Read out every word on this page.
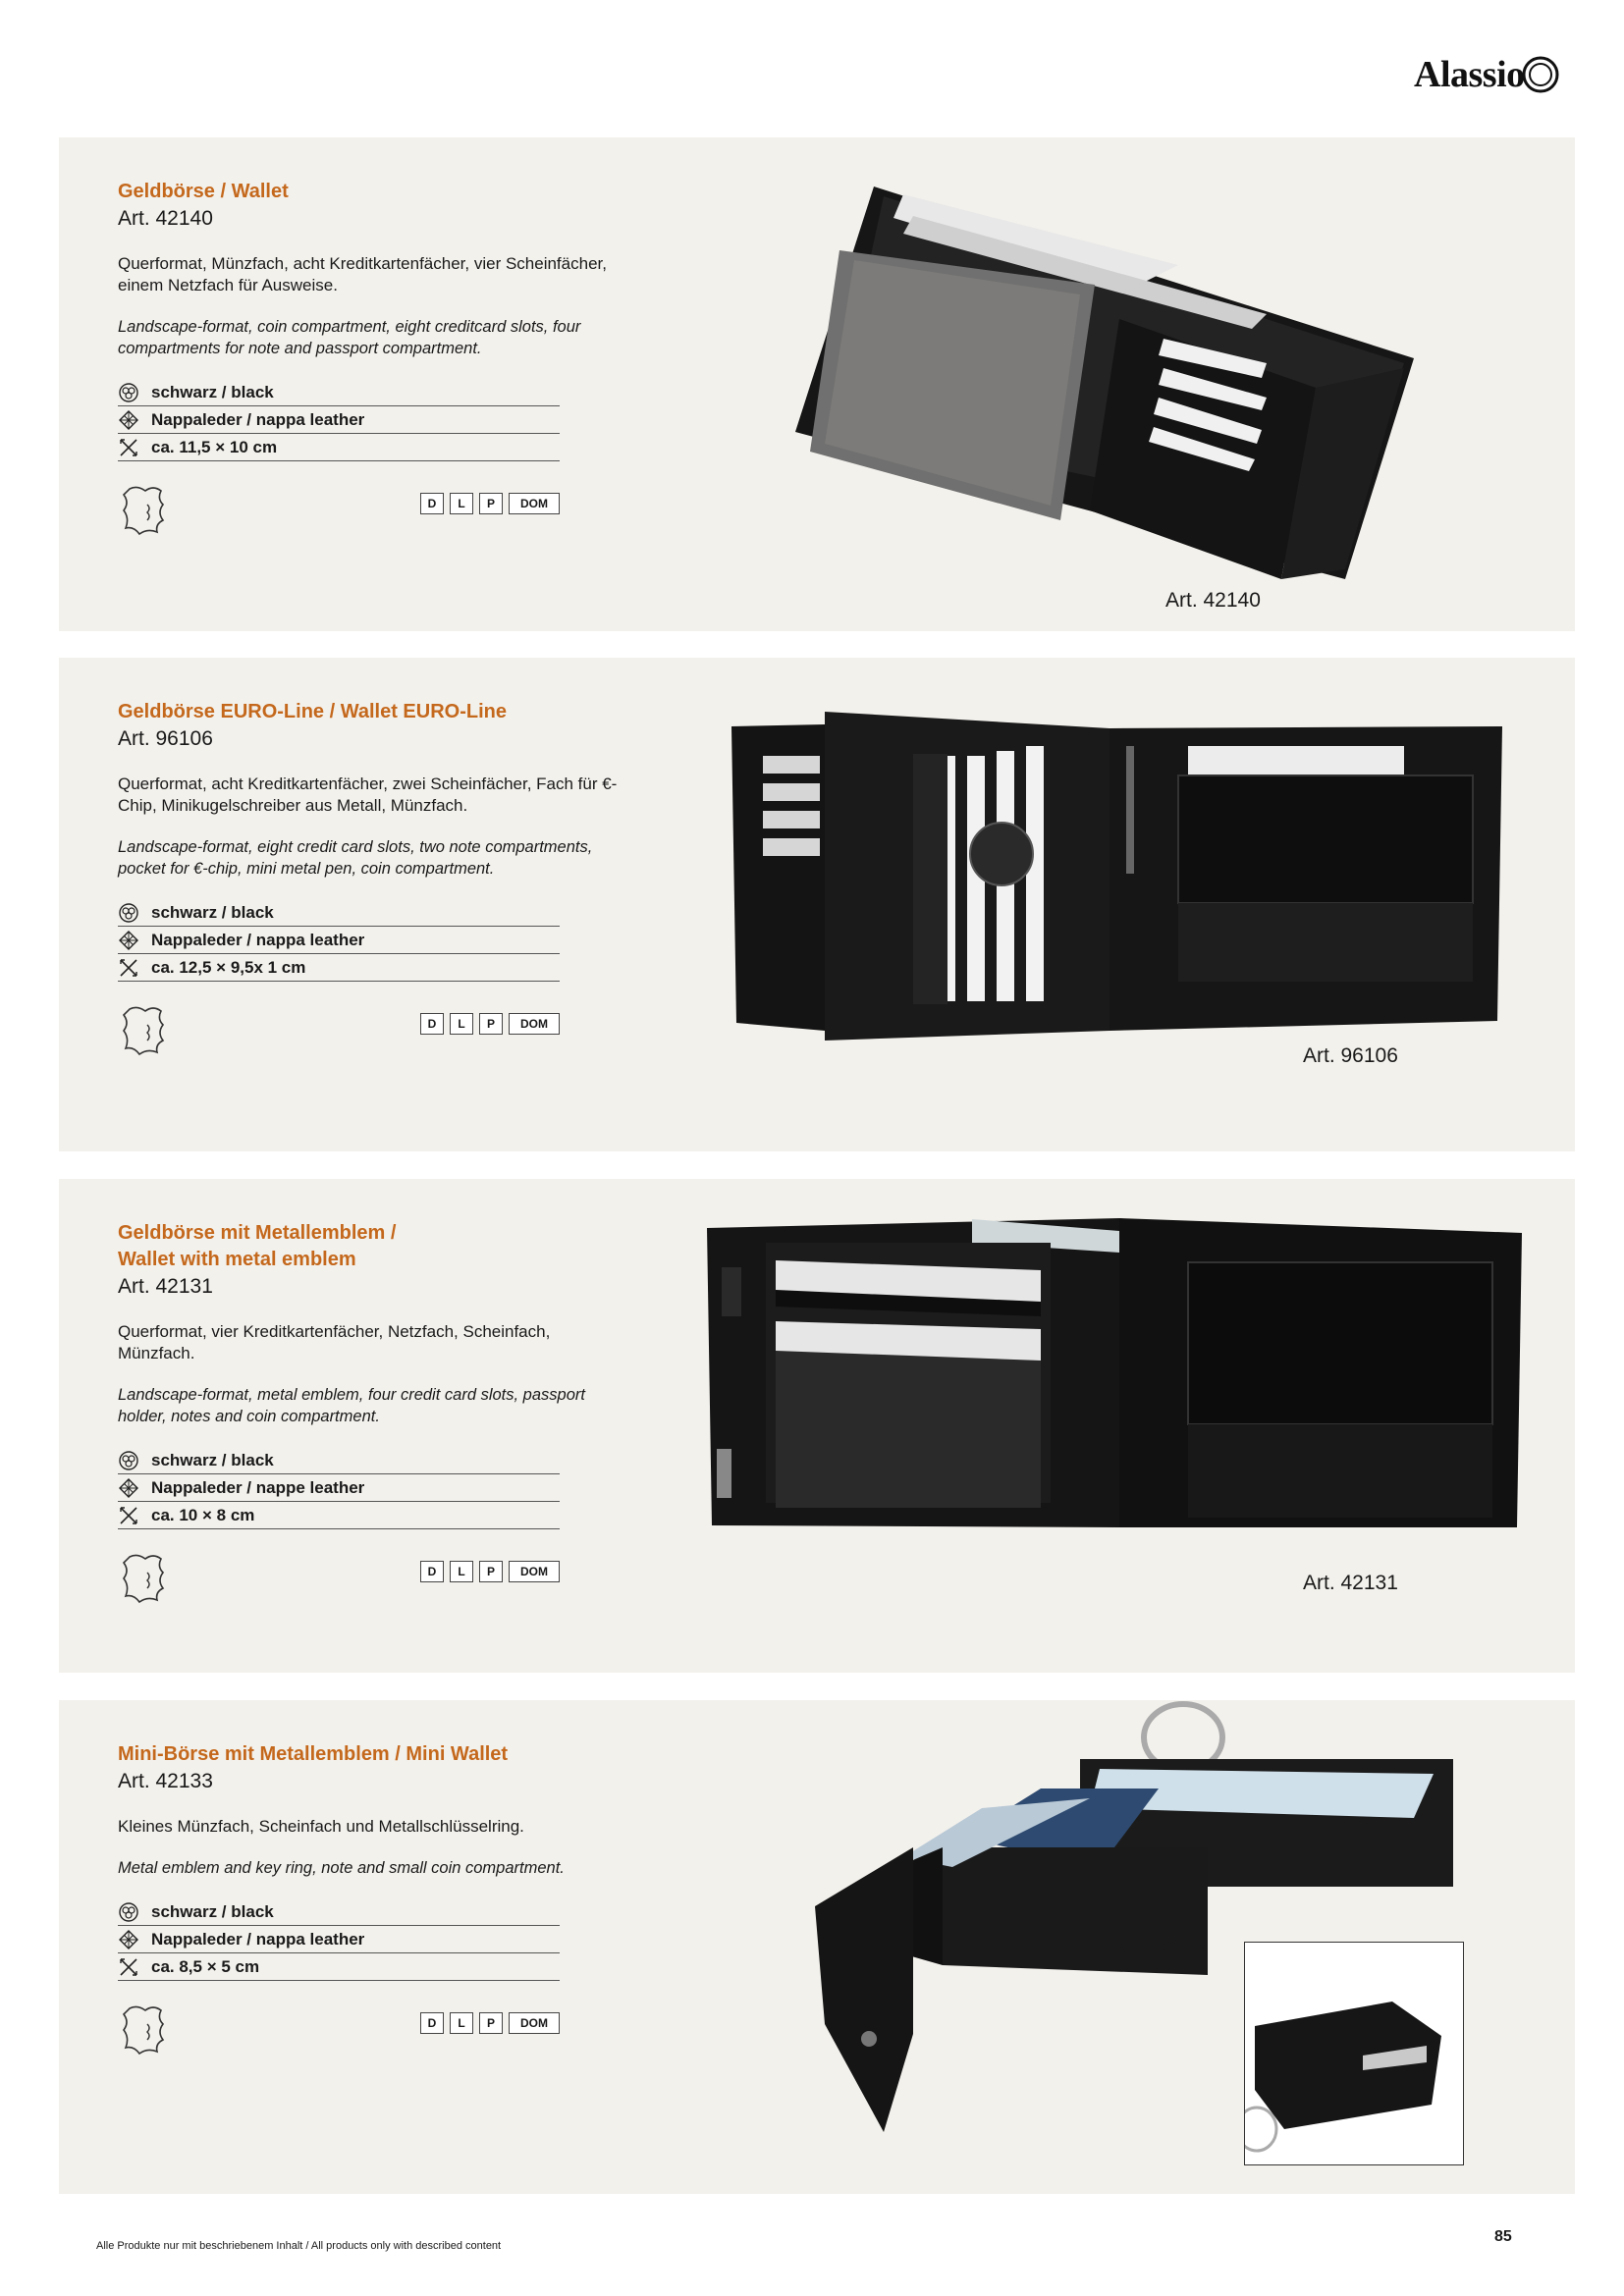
Alassio

Geldbörse / Wallet

Art. 42140

Querformat, Münzfach, acht Kreditkartenfächer, vier Scheinfächer, einem Netzfach für Ausweise.

Landscape-format, coin compartment, eight creditcard slots, four compartments for note and passport compartment.

schwarz / black
Nappaleder / nappa leather
ca. 11,5 × 10 cm
D	L	P	DOM
Art. 42140

Geldbörse EURO-Line / Wallet EURO-Line

Art. 96106

Querformat, acht Kreditkartenfächer, zwei Scheinfächer, Fach für €-Chip, Minikugelschreiber aus Metall, Münzfach.

Landscape-format, eight credit card slots, two note compartments, pocket for €-chip, mini metal pen, coin compartment.

schwarz / black
Nappaleder / nappa leather
ca. 12,5 × 9,5x 1 cm
D	L	P	DOM
Art. 96106

Geldbörse mit Metallemblem /

Wallet with metal emblem

Art. 42131

Querformat, vier Kreditkartenfächer, Netzfach, Scheinfach, Münzfach.

Landscape-format, metal emblem, four credit card slots, passport holder, notes and coin compartment.

schwarz / black
Nappaleder / nappe leather
ca. 10 × 8 cm
D	L	P	DOM	Art. 42131

Mini-Börse mit Metallemblem / Mini Wallet

Art. 42133

Kleines Münzfach, Scheinfach und Metallschlüsselring.

Metal emblem and key ring, note and small coin compartment.

schwarz / black
Nappaleder / nappa leather
ca. 8,5 × 5 cm
D	L	P	DOM
Art. 42133
Alle Produkte nur mit beschriebenem Inhalt / All products only with described content
85
